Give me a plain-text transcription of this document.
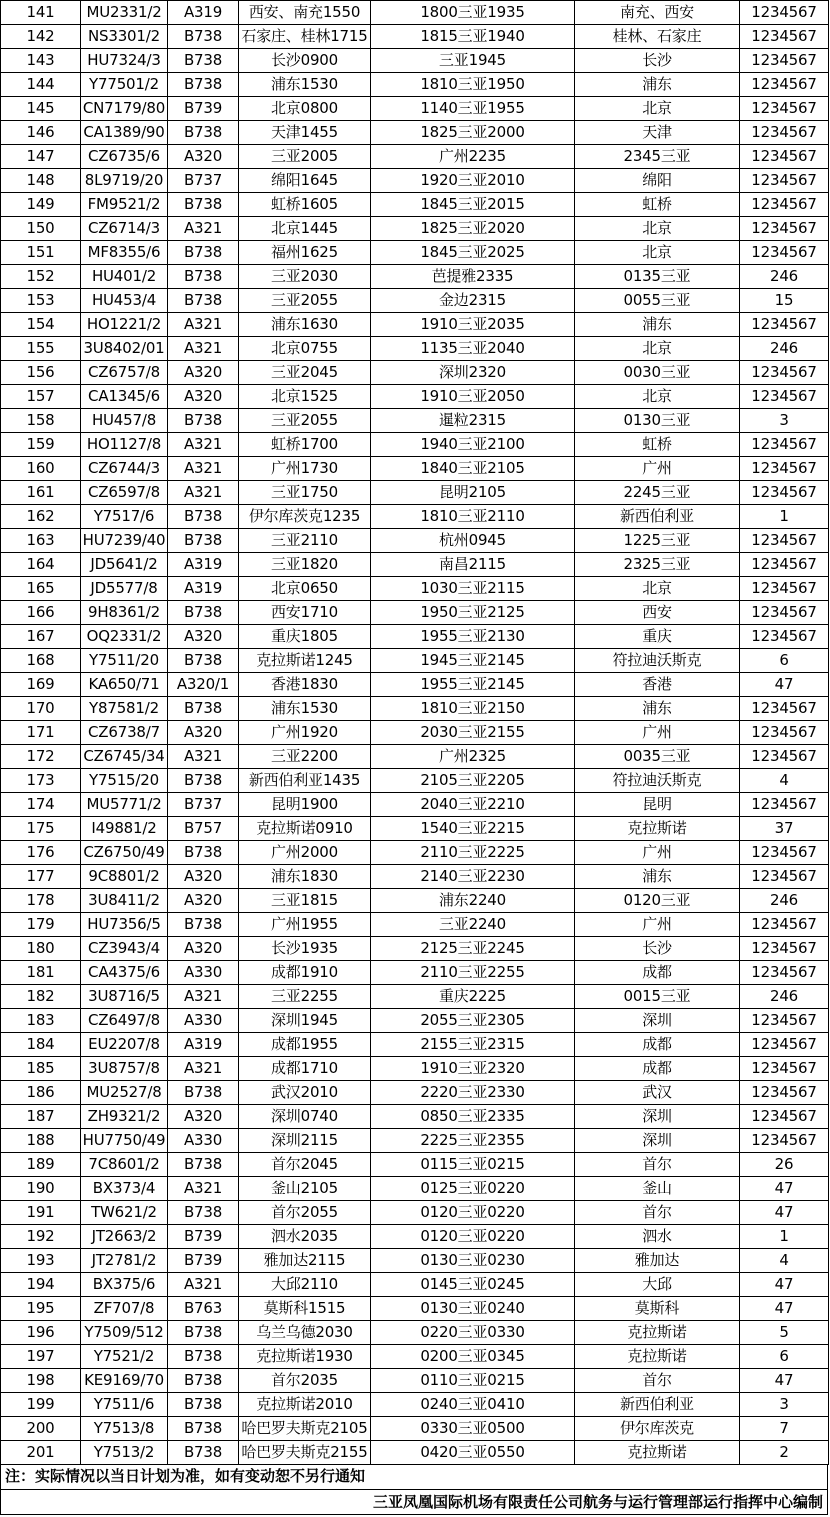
141	MU2331/2	A319	西安、南充1550	1800三亚1935	南充、西安	1234567
142	NS3301/2	B738	石家庄、桂林1715	1815三亚1940	桂林、石家庄	1234567
143	HU7324/3	B738	长沙0900	三亚1945	长沙	1234567
144	Y77501/2	B738	浦东1530	1810三亚1950	浦东	1234567
145	CN7179/80	B739	北京0800	1140三亚1955	北京	1234567
146	CA1389/90	B738	天津1455	1825三亚2000	天津	1234567
147	CZ6735/6	A320	三亚2005	广州2235	2345三亚	1234567
148	8L9719/20	B737	绵阳1645	1920三亚2010	绵阳	1234567
149	FM9521/2	B738	虹桥1605	1845三亚2015	虹桥	1234567
150	CZ6714/3	A321	北京1445	1825三亚2020	北京	1234567
151	MF8355/6	B738	福州1625	1845三亚2025	北京	1234567
152	HU401/2	B738	三亚2030	芭提雅2335	0135三亚	246
153	HU453/4	B738	三亚2055	金边2315	0055三亚	15
154	HO1221/2	A321	浦东1630	1910三亚2035	浦东	1234567
155	3U8402/01	A321	北京0755	1135三亚2040	北京	246
156	CZ6757/8	A320	三亚2045	深圳2320	0030三亚	1234567
157	CA1345/6	A320	北京1525	1910三亚2050	北京	1234567
158	HU457/8	B738	三亚2055	暹粒2315	0130三亚	3
159	HO1127/8	A321	虹桥1700	1940三亚2100	虹桥	1234567
160	CZ6744/3	A321	广州1730	1840三亚2105	广州	1234567
161	CZ6597/8	A321	三亚1750	昆明2105	2245三亚	1234567
162	Y7517/6	B738	伊尔库茨克1235	1810三亚2110	新西伯利亚	1
163	HU7239/40	B738	三亚2110	杭州0945	1225三亚	1234567
164	JD5641/2	A319	三亚1820	南昌2115	2325三亚	1234567
165	JD5577/8	A319	北京0650	1030三亚2115	北京	1234567
166	9H8361/2	B738	西安1710	1950三亚2125	西安	1234567
167	OQ2331/2	A320	重庆1805	1955三亚2130	重庆	1234567
168	Y7511/20	B738	克拉斯诺1245	1945三亚2145	符拉迪沃斯克	6
169	KA650/71	A320/1	香港1830	1955三亚2145	香港	47
170	Y87581/2	B738	浦东1530	1810三亚2150	浦东	1234567
171	CZ6738/7	A320	广州1920	2030三亚2155	广州	1234567
172	CZ6745/34	A321	三亚2200	广州2325	0035三亚	1234567
173	Y7515/20	B738	新西伯利亚1435	2105三亚2205	符拉迪沃斯克	4
174	MU5771/2	B737	昆明1900	2040三亚2210	昆明	1234567
175	I49881/2	B757	克拉斯诺0910	1540三亚2215	克拉斯诺	37
176	CZ6750/49	B738	广州2000	2110三亚2225	广州	1234567
177	9C8801/2	A320	浦东1830	2140三亚2230	浦东	1234567
178	3U8411/2	A320	三亚1815	浦东2240	0120三亚	246
179	HU7356/5	B738	广州1955	三亚2240	广州	1234567
180	CZ3943/4	A320	长沙1935	2125三亚2245	长沙	1234567
181	CA4375/6	A330	成都1910	2110三亚2255	成都	1234567
182	3U8716/5	A321	三亚2255	重庆2225	0015三亚	246
183	CZ6497/8	A330	深圳1945	2055三亚2305	深圳	1234567
184	EU2207/8	A319	成都1955	2155三亚2315	成都	1234567
185	3U8757/8	A321	成都1710	1910三亚2320	成都	1234567
186	MU2527/8	B738	武汉2010	2220三亚2330	武汉	1234567
187	ZH9321/2	A320	深圳0740	0850三亚2335	深圳	1234567
188	HU7750/49	A330	深圳2115	2225三亚2355	深圳	1234567
189	7C8601/2	B738	首尔2045	0115三亚0215	首尔	26
190	BX373/4	A321	釜山2105	0125三亚0220	釜山	47
191	TW621/2	B738	首尔2055	0120三亚0220	首尔	47
192	JT2663/2	B739	泗水2035	0120三亚0220	泗水	1
193	JT2781/2	B739	雅加达2115	0130三亚0230	雅加达	4
194	BX375/6	A321	大邱2110	0145三亚0245	大邱	47
195	ZF707/8	B763	莫斯科1515	0130三亚0240	莫斯科	47
196	Y7509/512	B738	乌兰乌德2030	0220三亚0330	克拉斯诺	5
197	Y7521/2	B738	克拉斯诺1930	0200三亚0345	克拉斯诺	6
198	KE9169/70	B738	首尔2035	0110三亚0215	首尔	47
199	Y7511/6	B738	克拉斯诺2010	0240三亚0410	新西伯利亚	3
200	Y7513/8	B738	哈巴罗夫斯克2105	0330三亚0500	伊尔库茨克	7
201	Y7513/2	B738	哈巴罗夫斯克2155	0420三亚0550	克拉斯诺	2
注：实际情况以当日计划为准，如有变动恕不另行通知
三亚凤凰国际机场有限责任公司航务与运行管理部运行指挥中心编制
